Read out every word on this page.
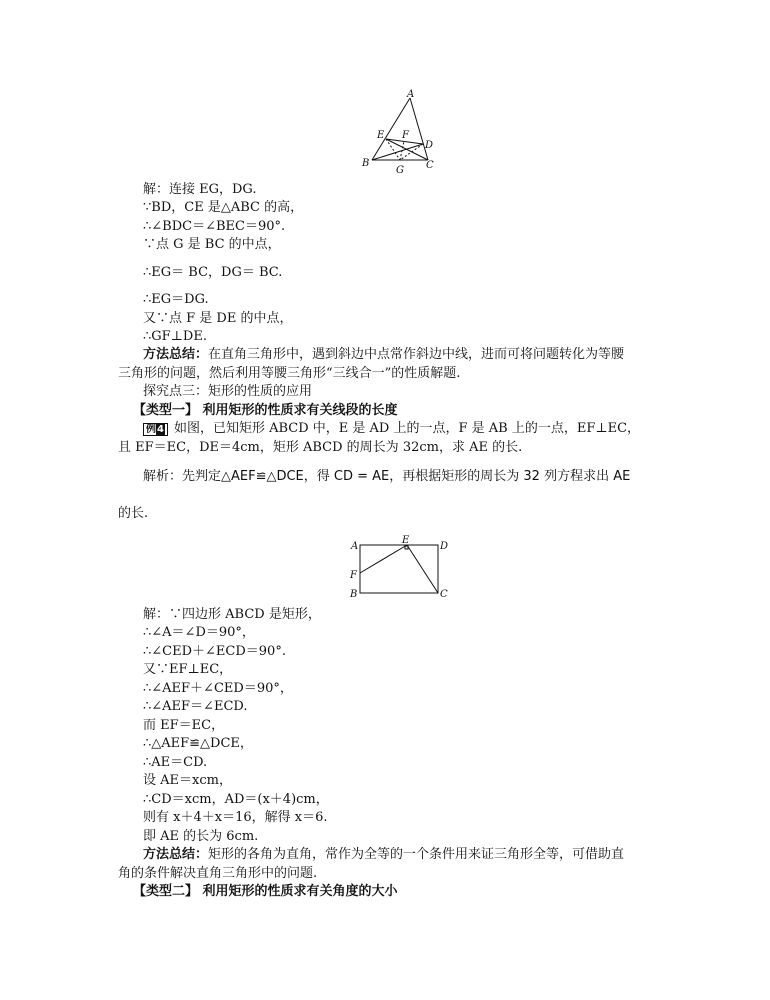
A
E F
D
B
G C
解：连接 EG，DG.
∵BD，CE 是△ABC 的高，
∴∠BDC＝∠BEC＝90°.
∵点 G 是 BC 的中点，
∴EG＝ BC，DG＝ BC.
∴EG＝DG.
又∵点 F 是 DE 的中点，
∴GF⊥DE.
方法总结：在直角三角形中，遇到斜边中点常作斜边中线，进而可将问题转化为等腰
三角形的问题，然后利用等腰三角形“三线合一”的性质解题.
探究点三：矩形的性质的应用
【类型一】 利用矩形的性质求有关线段的长度
例4 如图，已知矩形 ABCD 中，E 是 AD 上的一点，F 是 AB 上的一点，EF⊥EC，
且 EF＝EC，DE＝4cm，矩形 ABCD 的周长为 32cm，求 AE 的长.
解析：先判定△AEF≌△DCE，得 CD = AE，再根据矩形的周长为 32 列方程求出 AE
的长.
A
E
D
F
B	C
解：∵四边形 ABCD 是矩形，
∴∠A＝∠D＝90°，
∴∠CED＋∠ECD＝90°.
又∵EF⊥EC，
∴∠AEF＋∠CED＝90°，
∴∠AEF＝∠ECD.
而 EF＝EC，
∴△AEF≌△DCE，
∴AE＝CD.
设 AE＝xcm，
∴CD＝xcm，AD＝(x＋4)cm，
则有 x＋4＋x＝16，解得 x＝6.
即 AE 的长为 6cm.
方法总结：矩形的各角为直角，常作为全等的一个条件用来证三角形全等，可借助直
角的条件解决直角三角形中的问题.
【类型二】 利用矩形的性质求有关角度的大小
